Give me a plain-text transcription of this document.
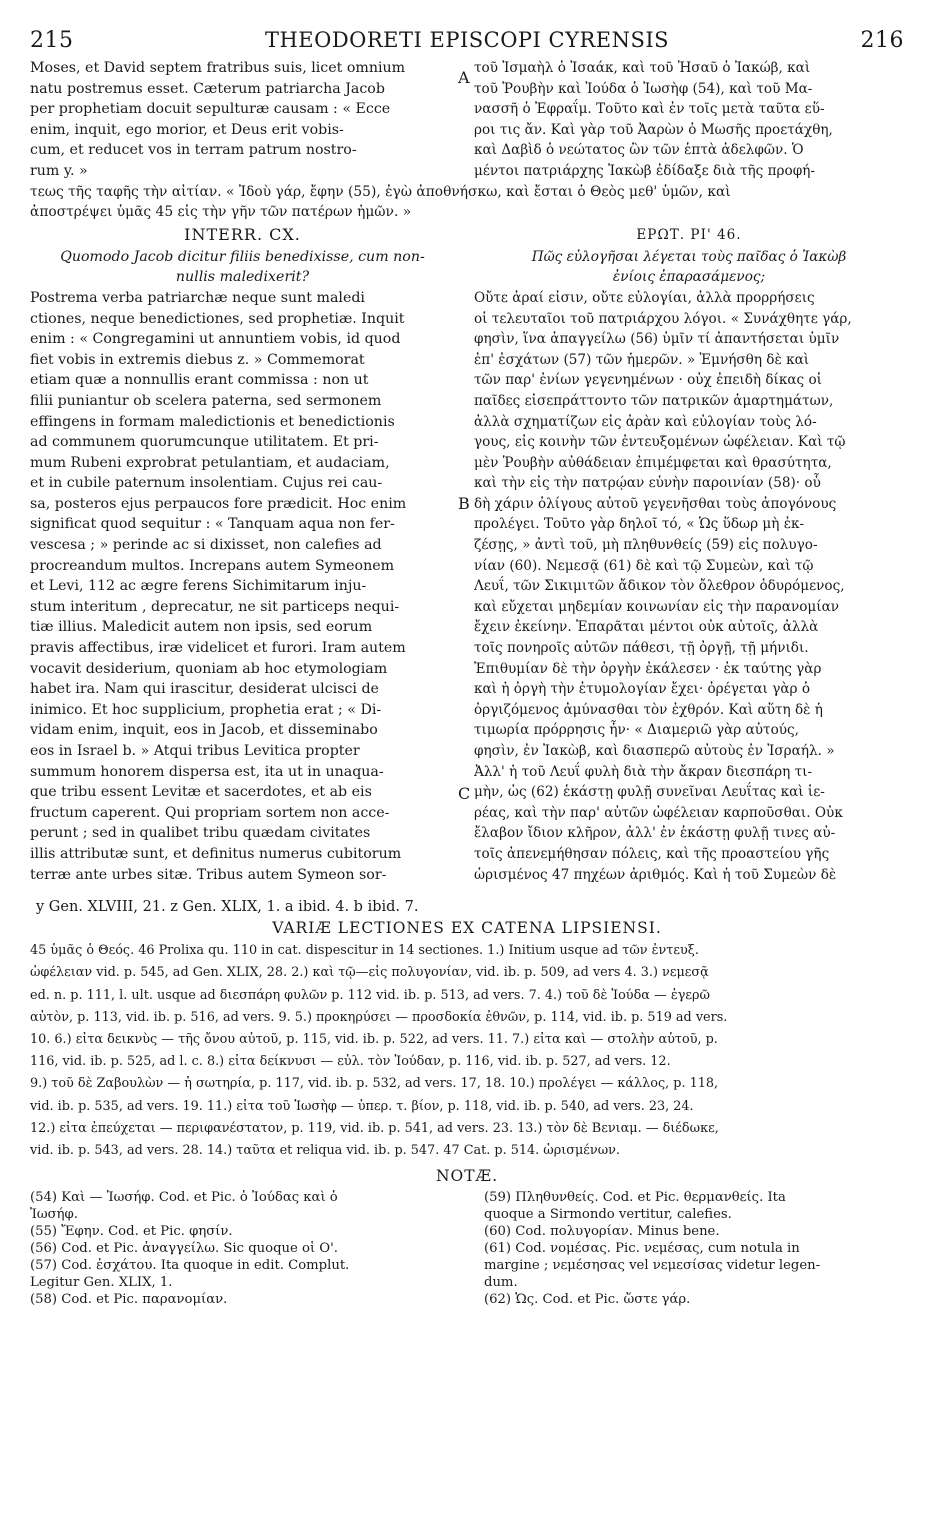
215	THEODORETI EPISCOPI CYRENSIS	216
Moses, et David septem fratribus suis, licet omnium
natu postremus esset. Cæterum patriarcha Jacob
per prophetiam docuit sepulturæ causam : « Ecce
enim, inquit, ego morior, et Deus erit vobis-
cum, et reducet vos in terram patrum nostro-
rum y. »
τοῦ Ἰσμαὴλ ὁ Ἰσαάκ, καὶ τοῦ Ἠσαῦ ὁ Ἰακώβ, καὶ
τοῦ Ῥουβὴν καὶ Ἰούδα ὁ Ἰωσὴφ (54), καὶ τοῦ Μα-
νασσῆ ὁ Ἐφραΐμ. Τοῦτο καὶ ἐν τοῖς μετὰ ταῦτα εὕ-
ροι τις ἄν. Καὶ γὰρ τοῦ Ἀαρὼν ὁ Μωσῆς προετάχθη,
καὶ Δαβὶδ ὁ νεώτατος ὢν τῶν ἑπτὰ ἀδελφῶν. Ὁ
μέντοι πατριάρχης Ἰακὼβ ἐδίδαξε διὰ τῆς προφή-
τεως τῆς ταφῆς τὴν αἰτίαν. « Ἰδοὺ γάρ, ἔφην (55), ἐγὼ ἀποθνήσκω, καὶ ἔσται ὁ Θεὸς μεθ' ὑμῶν, καὶ
ἀποστρέψει ὑμᾶς 45 εἰς τὴν γῆν τῶν πατέρων ἡμῶν. »
INTERR. CX.	ΕΡΩΤ. ΡΙ' 46.
Quomodo Jacob dicitur filiis benedixisse, cum non-
nullis maledixerit?
Πῶς εὐλογῆσαι λέγεται τοὺς παῖδας ὁ Ἰακὼβ
ἐνίοις ἐπαρασάμενος;
Postrema verba patriarchæ neque sunt maledi
ctiones, neque benedictiones, sed prophetiæ. Inquit
enim : « Congregamini ut annuntiem vobis, id quod
fiet vobis in extremis diebus z. » Commemorat
etiam quæ a nonnullis erant commissa : non ut
filii puniantur ob scelera paterna, sed sermonem
effingens in formam maledictionis et benedictionis
ad communem quorumcunque utilitatem. Et pri-
mum Rubeni exprobrat petulantiam, et audaciam,
et in cubile paternum insolentiam. Cujus rei cau-
sa, posteros ejus perpaucos fore prædicit. Hoc enim
significat quod sequitur : « Tanquam aqua non fer-
vescesa ; » perinde ac si dixisset, non calefies ad
procreandum multos. Increpans autem Symeonem
et Levi, 112 ac ægre ferens Sichimitarum inju-
stum interitum , deprecatur, ne sit particeps nequi-
tiæ illius. Maledicit autem non ipsis, sed eorum
pravis affectibus, iræ videlicet et furori. Iram autem
vocavit desiderium, quoniam ab hoc etymologiam
habet ira. Nam qui irascitur, desiderat ulcisci de
inimico. Et hoc supplicium, prophetia erat ; « Di-
vidam enim, inquit, eos in Jacob, et disseminabo
eos in Israel b. » Atqui tribus Levitica propter
summum honorem dispersa est, ita ut in unaqua-
que tribu essent Levitæ et sacerdotes, et ab eis
fructum caperent. Qui propriam sortem non acce-
perunt ; sed in qualibet tribu quædam civitates
illis attributæ sunt, et definitus numerus cubitorum
terræ ante urbes sitæ. Tribus autem Symeon sor-
Οὔτε ἀραί εἰσιν, οὔτε εὐλογίαι, ἀλλὰ προρρήσεις
οἱ τελευταῖοι τοῦ πατριάρχου λόγοι. « Συνάχθητε γάρ,
φησὶν, ἵνα ἀπαγγείλω (56) ὑμῖν τί ἀπαντήσεται ὑμῖν
ἐπ' ἐσχάτων (57) τῶν ἡμερῶν. » Ἐμνήσθη δὲ καὶ
τῶν παρ' ἐνίων γεγενημένων · οὐχ ἐπειδὴ δίκας οἱ
παῖδες εἰσεπράττοντο τῶν πατρικῶν ἁμαρτημάτων,
ἀλλὰ σχηματίζων εἰς ἀρὰν καὶ εὐλογίαν τοὺς λό-
γους, εἰς κοινὴν τῶν ἐντευξομένων ὠφέλειαν. Καὶ τῷ
μὲν Ῥουβὴν αὐθάδειαν ἐπιμέμφεται καὶ θρασύτητα,
καὶ τὴν εἰς τὴν πατρῴαν εὐνὴν παροινίαν (58)· οὗ
δὴ χάριν ὀλίγους αὐτοῦ γεγενῆσθαι τοὺς ἀπογόνους
προλέγει. Τοῦτο γὰρ δηλοῖ τό, « Ὡς ὕδωρ μὴ ἐκ-
ζέσῃς, » ἀντὶ τοῦ, μὴ πληθυνθείς (59) εἰς πολυγο-
νίαν (60). Νεμεσᾷ (61) δὲ καὶ τῷ Συμεὼν, καὶ τῷ
Λευΐ, τῶν Σικιμιτῶν ἄδικον τὸν ὄλεθρον ὀδυρόμενος,
καὶ εὔχεται μηδεμίαν κοινωνίαν εἰς τὴν παρανομίαν
ἔχειν ἐκείνην. Ἐπαρᾶται μέντοι οὐκ αὐτοῖς, ἀλλὰ
τοῖς πονηροῖς αὐτῶν πάθεσι, τῇ ὀργῇ, τῇ μήνιδι.
Ἐπιθυμίαν δὲ τὴν ὀργὴν ἐκάλεσεν · ἐκ ταύτης γὰρ
καὶ ἡ ὀργὴ τὴν ἐτυμολογίαν ἔχει· ὀρέγεται γὰρ ὁ
ὀργιζόμενος ἀμύνασθαι τὸν ἐχθρόν. Καὶ αὕτη δὲ ἡ
τιμωρία πρόρρησις ἦν· « Διαμεριῶ γὰρ αὐτούς,
φησὶν, ἐν Ἰακὼβ, καὶ διασπερῶ αὐτοὺς ἐν Ἰσραήλ. »
Ἀλλ' ἡ τοῦ Λευΐ φυλὴ διὰ τὴν ἄκραν διεσπάρη τι-
μὴν, ὡς (62) ἑκάστῃ φυλῇ συνεῖναι Λευΐτας καὶ ἱε-
ρέας, καὶ τὴν παρ' αὐτῶν ὠφέλειαν καρποῦσθαι. Οὐκ
ἔλαβον ἴδιον κλῆρον, ἀλλ' ἐν ἑκάστῃ φυλῇ τινες αὐ-
τοῖς ἀπενεμήθησαν πόλεις, καὶ τῆς προαστείου γῆς
ὡρισμένος 47 πηχέων ἀριθμός. Καὶ ἡ τοῦ Συμεὼν δὲ
y Gen. XLVIII, 21. z Gen. XLIX, 1. a ibid. 4. b ibid. 7.
VARIÆ LECTIONES EX CATENA LIPSIENSI.
45 ὑμᾶς ὁ Θεός. 46 Prolixa qu. 110 in cat. dispescitur in 14 sectiones. 1.) Initium usque ad τῶν ἐντευξ.
ὠφέλειαν vid. p. 545, ad Gen. XLIX, 28. 2.) καὶ τῷ—εἰς πολυγονίαν, vid. ib. p. 509, ad vers 4. 3.) νεμεσᾷ
ed. n. p. 111, l. ult. usque ad διεσπάρη φυλῶν p. 112 vid. ib. p. 513, ad vers. 7. 4.) τοῦ δὲ Ἰούδα — ἐγερῶ
αὐτὸν, p. 113, vid. ib. p. 516, ad vers. 9. 5.) προκηρύσει — προσδοκία ἐθνῶν, p. 114, vid. ib. p. 519 ad vers.
10. 6.) εἶτα δεικνὺς — τῆς ὄνου αὐτοῦ, p. 115, vid. ib. p. 522, ad vers. 11. 7.) εἶτα καὶ — στολὴν αὐτοῦ, p.
116, vid. ib. p. 525, ad l. c. 8.) εἶτα δείκνυσι — εὐλ. τὸν Ἰούδαν, p. 116, vid. ib. p. 527, ad vers. 12.
9.) τοῦ δὲ Ζαβουλὼν — ἡ σωτηρία, p. 117, vid. ib. p. 532, ad vers. 17, 18. 10.) προλέγει — κάλλος, p. 118,
vid. ib. p. 535, ad vers. 19. 11.) εἶτα τοῦ Ἰωσὴφ — ὑπερ. τ. βίον, p. 118, vid. ib. p. 540, ad vers. 23, 24.
12.) εἶτα ἐπεύχεται — περιφανέστατον, p. 119, vid. ib. p. 541, ad vers. 23. 13.) τὸν δὲ Βενιαμ. — διέδωκε,
vid. ib. p. 543, ad vers. 28. 14.) ταῦτα et reliqua vid. ib. p. 547. 47 Cat. p. 514. ὡρισμένων.
NOTÆ.
(54) Καὶ — Ἰωσήφ. Cod. et Pic. ὁ Ἰούδας καὶ ὁ
Ἰωσήφ.
(55) Ἔφην. Cod. et Pic. φησίν.
(56) Cod. et Pic. ἀναγγείλω. Sic quoque οἱ Ο'.
(57) Cod. ἐσχάτου. Ita quoque in edit. Complut.
Legitur Gen. XLIX, 1.
(58) Cod. et Pic. παρανομίαν.
(59) Πληθυνθείς. Cod. et Pic. θερμανθείς. Ita
quoque a Sirmondo vertitur, calefies.
(60) Cod. πολυγορίαν. Minus bene.
(61) Cod. νομέσας. Pic. νεμέσας, cum notula in
margine ; νεμέσησας vel νεμεσίσας videtur legen-
dum.
(62) Ὡς. Cod. et Pic. ὥστε γάρ.
A
B
C
